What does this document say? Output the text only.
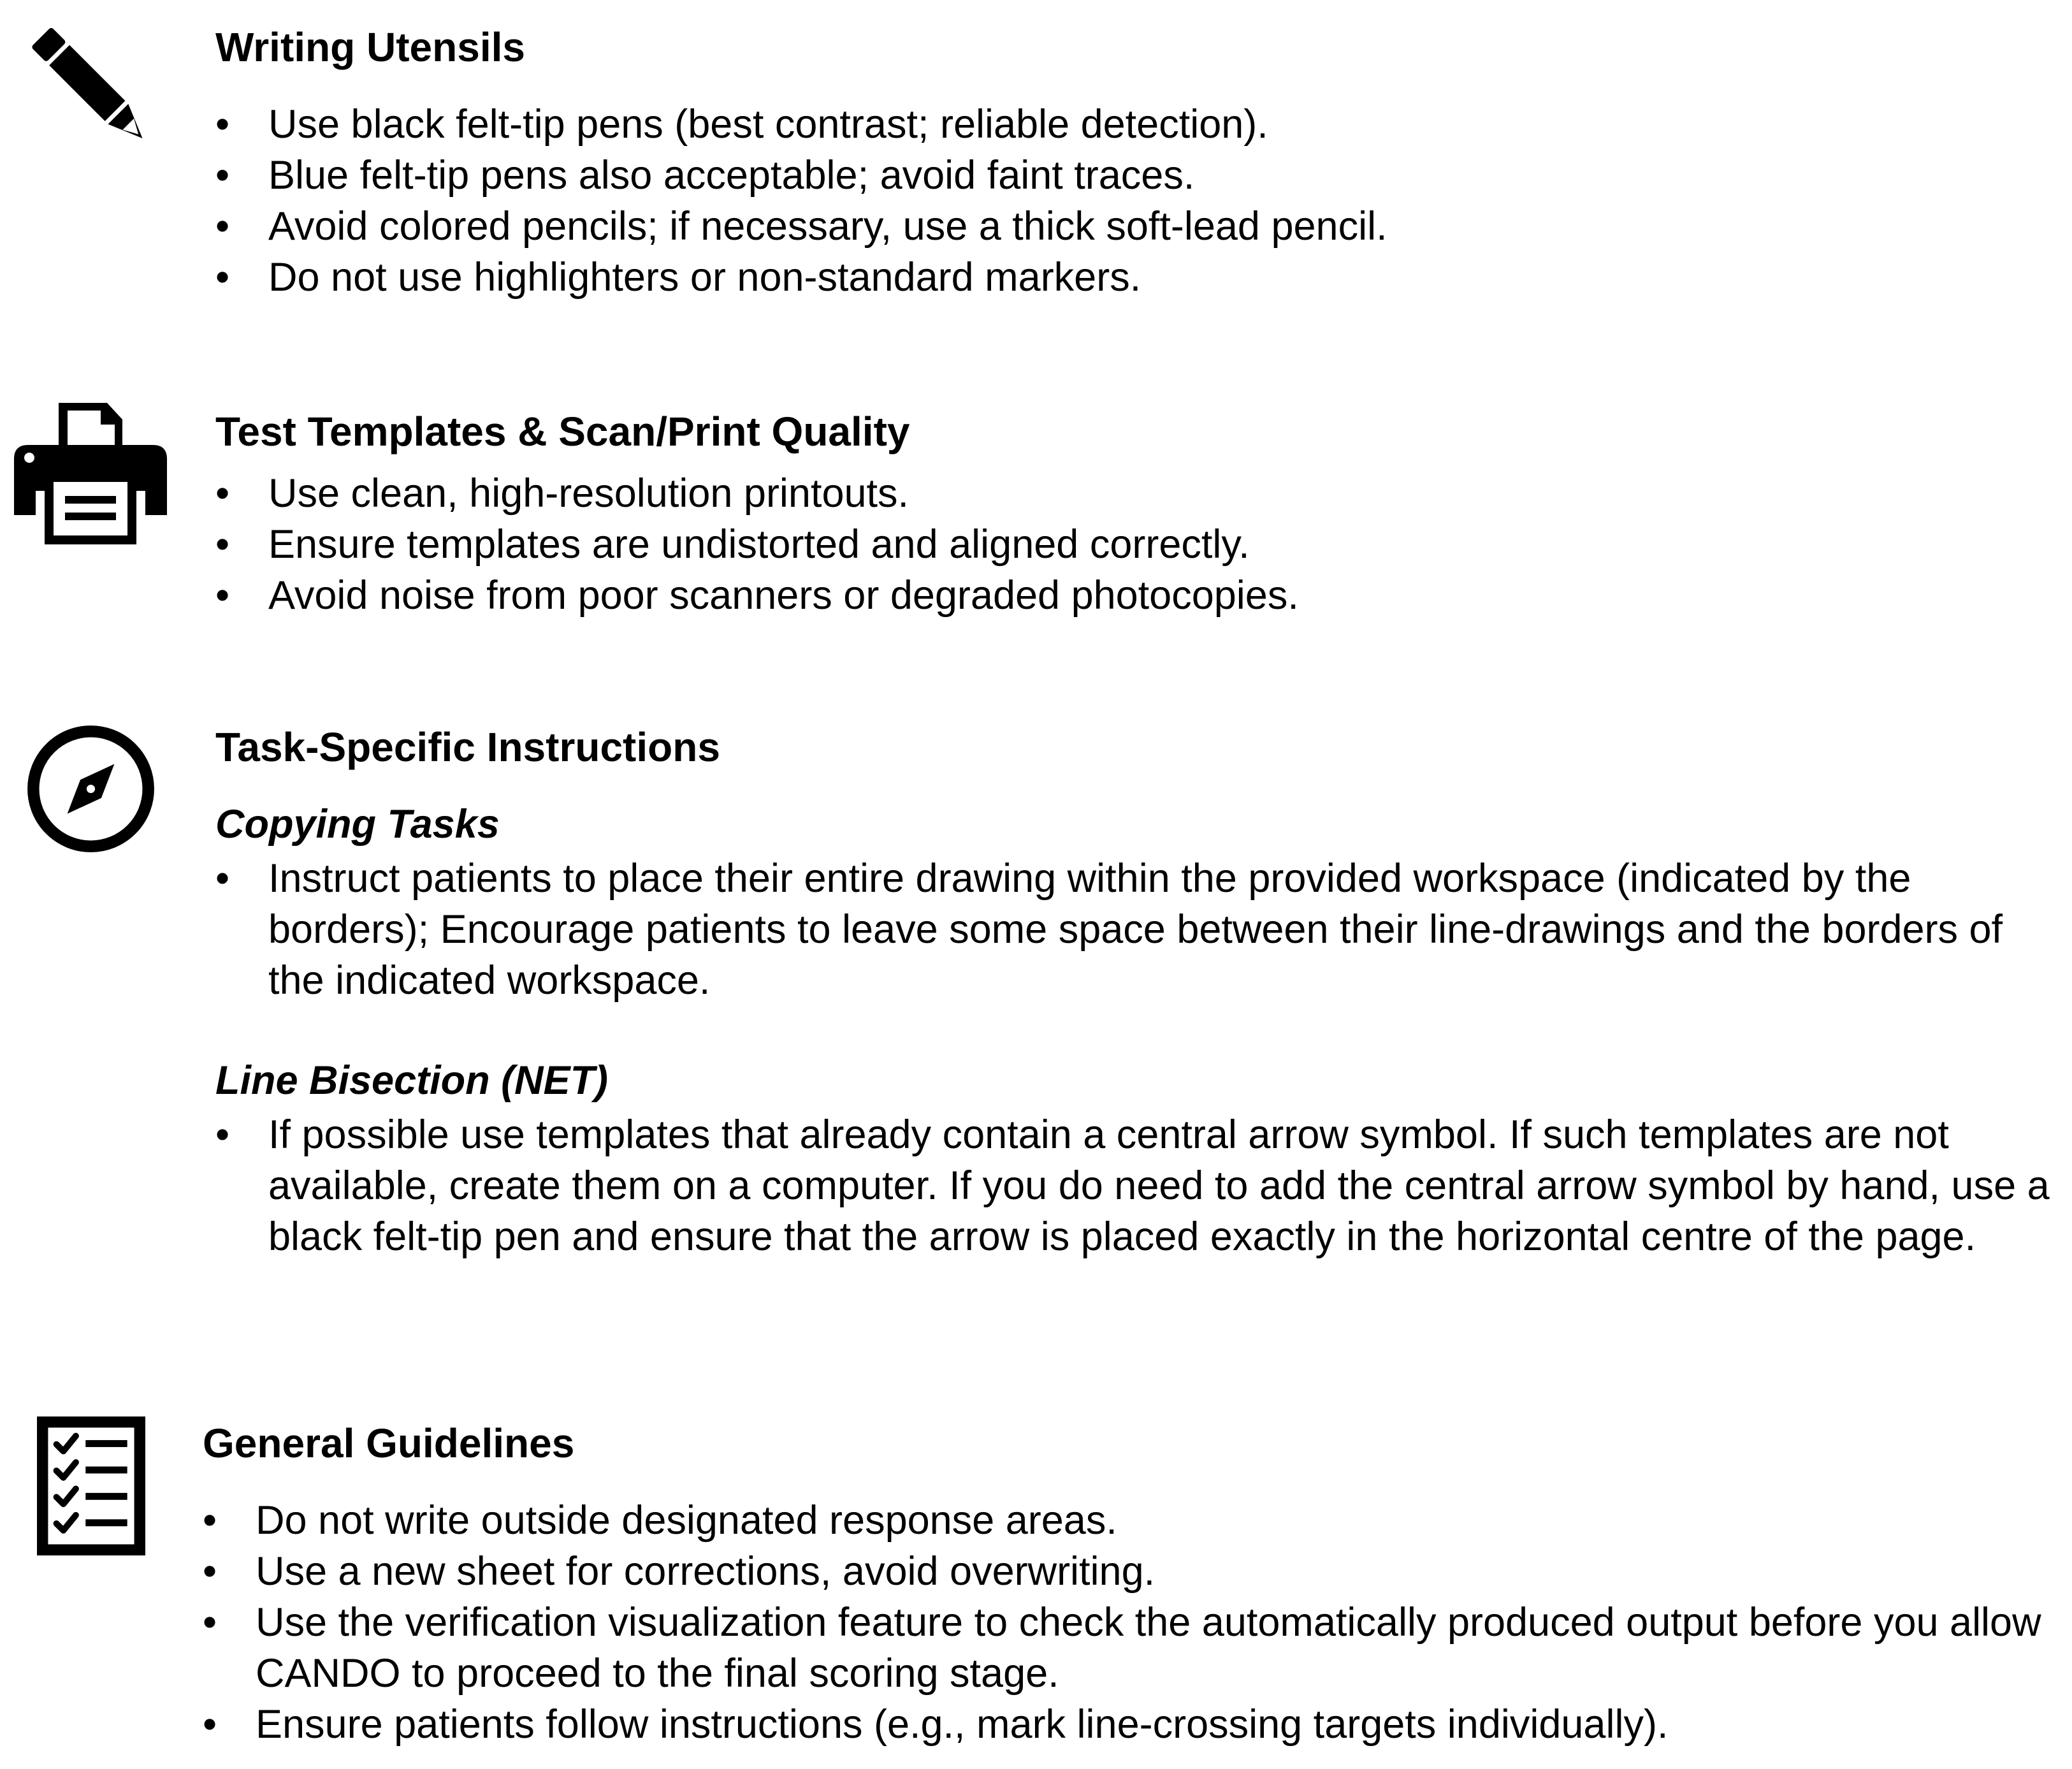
Writing Utensils
• Use black felt-tip pens (best contrast; reliable detection).
• Blue felt-tip pens also acceptable; avoid faint traces.
• Avoid colored pencils; if necessary, use a thick soft-lead pencil.
• Do not use highlighters or non-standard markers.
Test Templates & Scan/Print Quality
• Use clean, high-resolution printouts.
• Ensure templates are undistorted and aligned correctly.
• Avoid noise from poor scanners or degraded photocopies.
Task-Specific Instructions
Copying Tasks
• Instruct patients to place their entire drawing within the provided workspace (indicated by the borders); Encourage patients to leave some space between their line-drawings and the borders of the indicated workspace.
Line Bisection (NET)
• If possible use templates that already contain a central arrow symbol. If such templates are not available, create them on a computer. If you do need to add the central arrow symbol by hand, use a black felt-tip pen and ensure that the arrow is placed exactly in the horizontal centre of the page.
General Guidelines
• Do not write outside designated response areas.
• Use a new sheet for corrections, avoid overwriting.
• Use the verification visualization feature to check the automatically produced output before you allow CANDO to proceed to the final scoring stage.
• Ensure patients follow instructions (e.g., mark line-crossing targets individually).
